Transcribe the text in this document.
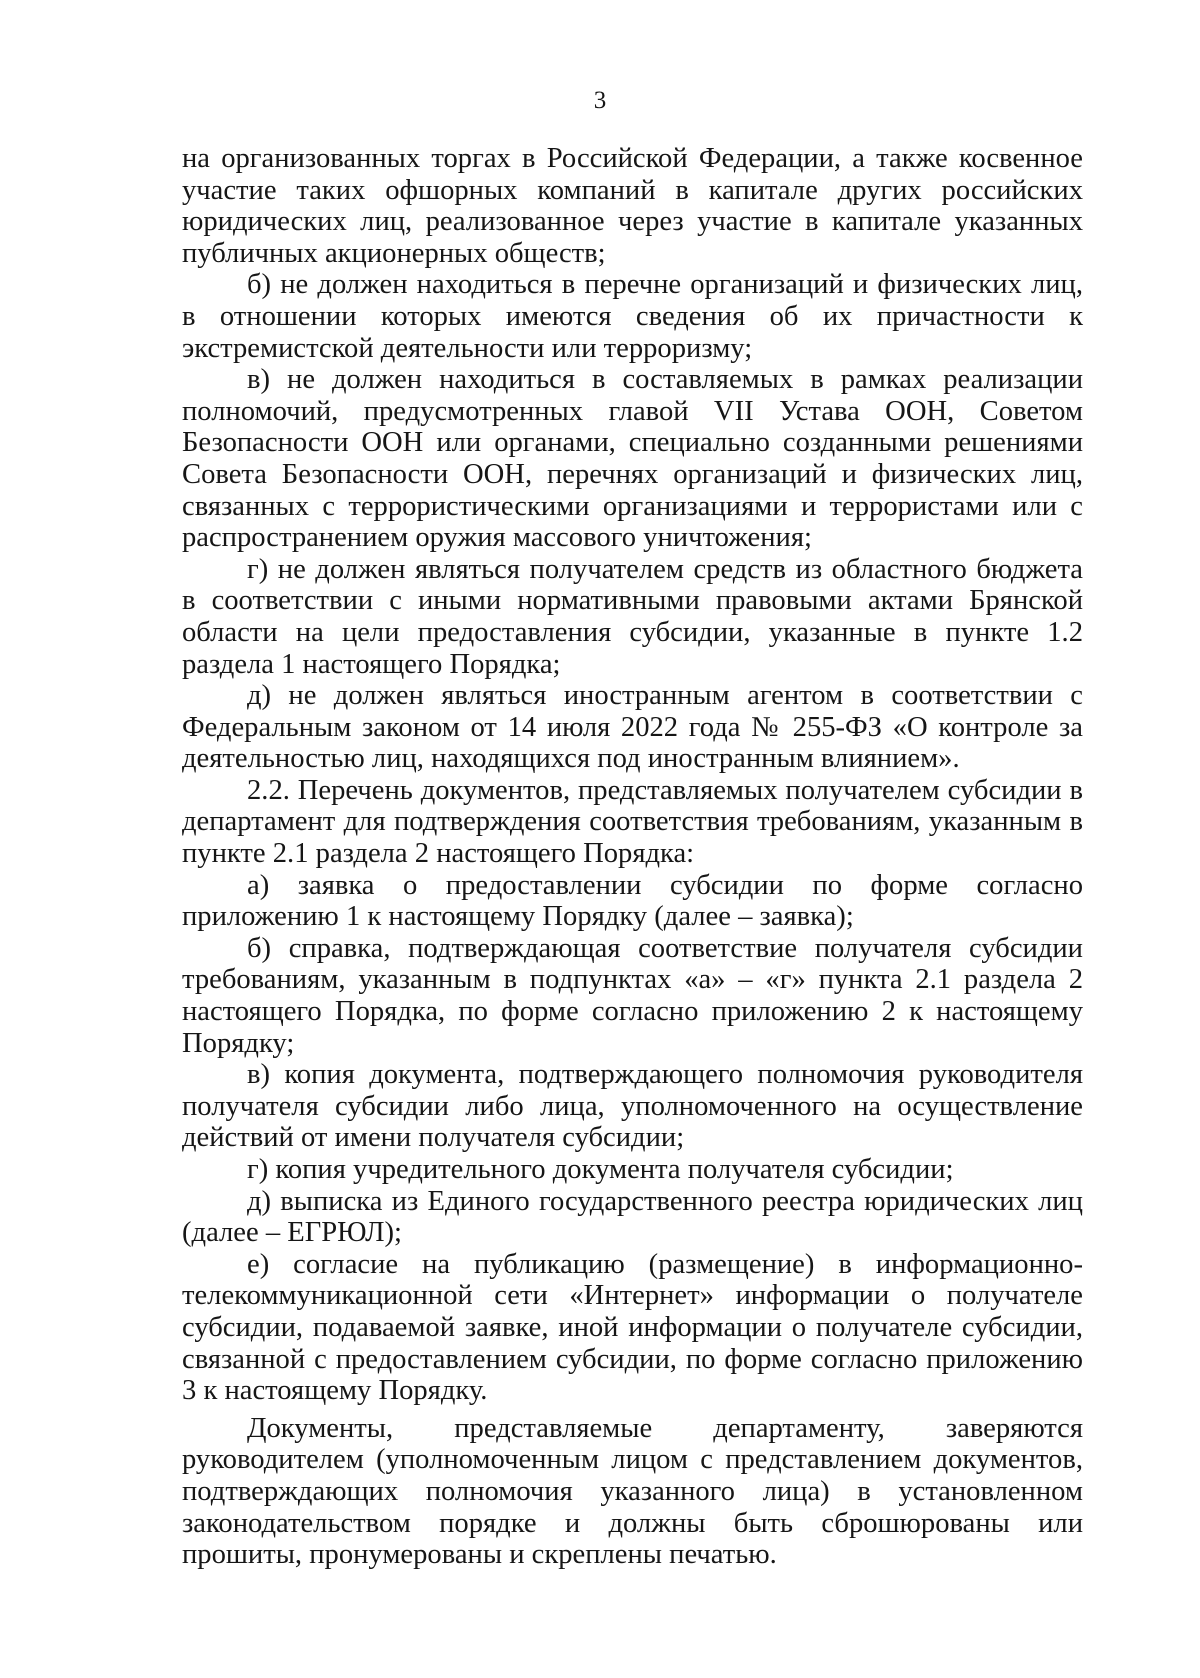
3

на организованных торгах в Российской Федерации, а также косвенное участие таких офшорных компаний в капитале других российских юридических лиц, реализованное через участие в капитале указанных публичных акционерных обществ;

б) не должен находиться в перечне организаций и физических лиц, в отношении которых имеются сведения об их причастности к экстремистской деятельности или терроризму;

в) не должен находиться в составляемых в рамках реализации полномочий, предусмотренных главой VII Устава ООН, Советом Безопасности ООН или органами, специально созданными решениями Совета Безопасности ООН, перечнях организаций и физических лиц, связанных с террористическими организациями и террористами или с распространением оружия массового уничтожения;

г) не должен являться получателем средств из областного бюджета в соответствии с иными нормативными правовыми актами Брянской области на цели предоставления субсидии, указанные в пункте 1.2 раздела 1 настоящего Порядка;

д) не должен являться иностранным агентом в соответствии с Федеральным законом от 14 июля 2022 года № 255-ФЗ «О контроле за деятельностью лиц, находящихся под иностранным влиянием».

2.2. Перечень документов, представляемых получателем субсидии в департамент для подтверждения соответствия требованиям, указанным в пункте 2.1 раздела 2 настоящего Порядка:

а) заявка о предоставлении субсидии по форме согласно приложению 1 к настоящему Порядку (далее – заявка);

б) справка, подтверждающая соответствие получателя субсидии требованиям, указанным в подпунктах «а» – «г» пункта 2.1 раздела 2 настоящего Порядка, по форме согласно приложению 2 к настоящему Порядку;

в) копия документа, подтверждающего полномочия руководителя получателя субсидии либо лица, уполномоченного на осуществление действий от имени получателя субсидии;

г) копия учредительного документа получателя субсидии;

д) выписка из Единого государственного реестра юридических лиц (далее – ЕГРЮЛ);

е) согласие на публикацию (размещение) в информационно-телекоммуникационной сети «Интернет» информации о получателе субсидии, подаваемой заявке, иной информации о получателе субсидии, связанной с предоставлением субсидии, по форме согласно приложению 3 к настоящему Порядку.

Документы, представляемые департаменту, заверяются руководителем (уполномоченным лицом с представлением документов, подтверждающих полномочия указанного лица) в установленном законодательством порядке и должны быть сброшюрованы или прошиты, пронумерованы и скреплены печатью.
